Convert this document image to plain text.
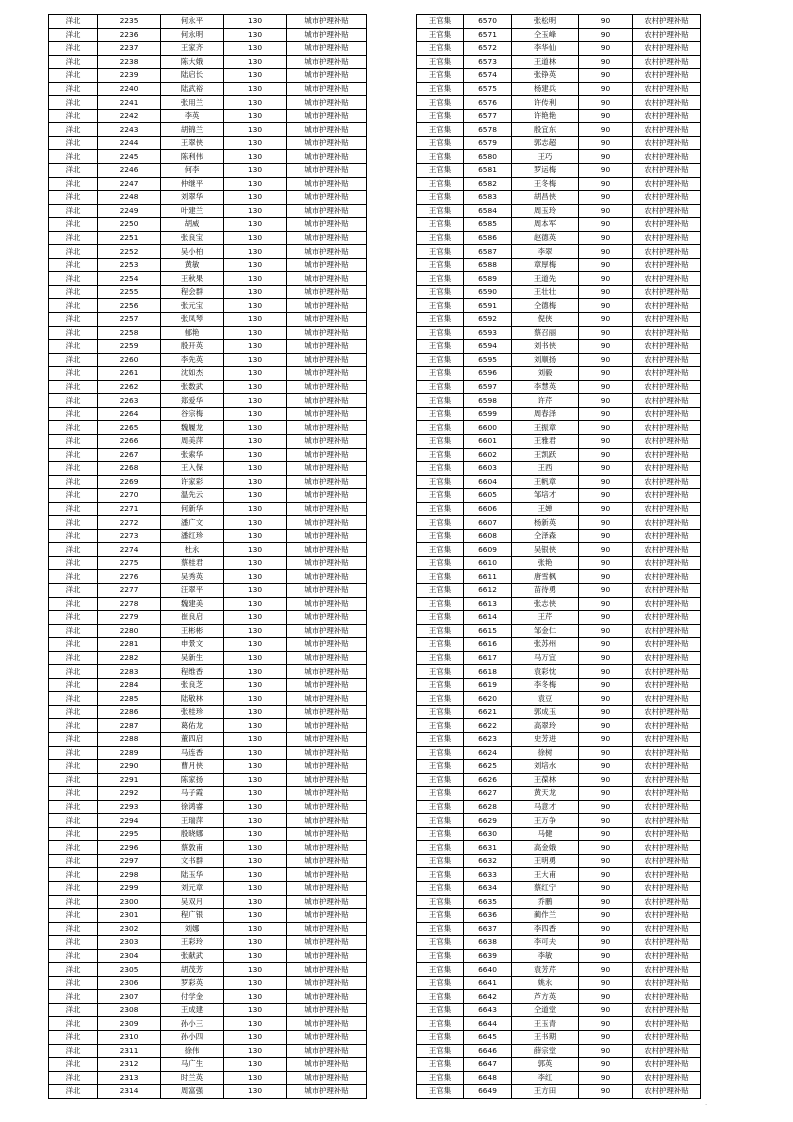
洋北	2235	何永平	130	城市护理补贴
洋北	2236	何永明	130	城市护理补贴
洋北	2237	王家齐	130	城市护理补贴
洋北	2238	陈大娥	130	城市护理补贴
洋北	2239	陆启长	130	城市护理补贴
洋北	2240	陆武裕	130	城市护理补贴
洋北	2241	张用兰	130	城市护理补贴
洋北	2242	李英	130	城市护理补贴
洋北	2243	胡锦兰	130	城市护理补贴
洋北	2244	王翠侠	130	城市护理补贴
洋北	2245	陈利伟	130	城市护理补贴
洋北	2246	何李	130	城市护理补贴
洋北	2247	仲继平	130	城市护理补贴
洋北	2248	刘翠华	130	城市护理补贴
洋北	2249	叶建兰	130	城市护理补贴
洋北	2250	胡威	130	城市护理补贴
洋北	2251	张良宝	130	城市护理补贴
洋北	2252	吴小柏	130	城市护理补贴
洋北	2253	黄敏	130	城市护理补贴
洋北	2254	王秋果	130	城市护理补贴
洋北	2255	程会群	130	城市护理补贴
洋北	2256	张元宝	130	城市护理补贴
洋北	2257	张凤琴	130	城市护理补贴
洋北	2258	郁艳	130	城市护理补贴
洋北	2259	殷开英	130	城市护理补贴
洋北	2260	李先英	130	城市护理补贴
洋北	2261	沈如杰	130	城市护理补贴
洋北	2262	张数武	130	城市护理补贴
洋北	2263	郑爱华	130	城市护理补贴
洋北	2264	谷宗梅	130	城市护理补贴
洋北	2265	魏履龙	130	城市护理补贴
洋北	2266	周美萍	130	城市护理补贴
洋北	2267	张索华	130	城市护理补贴
洋北	2268	王入保	130	城市护理补贴
洋北	2269	许家彩	130	城市护理补贴
洋北	2270	温先云	130	城市护理补贴
洋北	2271	何新华	130	城市护理补贴
洋北	2272	潘广文	130	城市护理补贴
洋北	2273	潘红珍	130	城市护理补贴
洋北	2274	杜永	130	城市护理补贴
洋北	2275	蔡桂君	130	城市护理补贴
洋北	2276	吴秀英	130	城市护理补贴
洋北	2277	汪翠平	130	城市护理补贴
洋北	2278	魏建美	130	城市护理补贴
洋北	2279	崔良启	130	城市护理补贴
洋北	2280	王彬彬	130	城市护理补贴
洋北	2281	申景文	130	城市护理补贴
洋北	2282	吴新生	130	城市护理补贴
洋北	2283	程维香	130	城市护理补贴
洋北	2284	张良芝	130	城市护理补贴
洋北	2285	陆敬林	130	城市护理补贴
洋北	2286	张桂珍	130	城市护理补贴
洋北	2287	葛佑龙	130	城市护理补贴
洋北	2288	董四启	130	城市护理补贴
洋北	2289	马连香	130	城市护理补贴
洋北	2290	曹月侠	130	城市护理补贴
洋北	2291	陈家扬	130	城市护理补贴
洋北	2292	马子霞	130	城市护理补贴
洋北	2293	徐鸿睿	130	城市护理补贴
洋北	2294	王瑞萍	130	城市护理补贴
洋北	2295	殷晓娜	130	城市护理补贴
洋北	2296	蔡敦甫	130	城市护理补贴
洋北	2297	文书群	130	城市护理补贴
洋北	2298	陆玉华	130	城市护理补贴
洋北	2299	刘元章	130	城市护理补贴
洋北	2300	吴双月	130	城市护理补贴
洋北	2301	程广银	130	城市护理补贴
洋北	2302	刘娜	130	城市护理补贴
洋北	2303	王彩玲	130	城市护理补贴
洋北	2304	张献武	130	城市护理补贴
洋北	2305	胡茂芳	130	城市护理补贴
洋北	2306	罗彩英	130	城市护理补贴
洋北	2307	付学金	130	城市护理补贴
洋北	2308	王成建	130	城市护理补贴
洋北	2309	孙小三	130	城市护理补贴
洋北	2310	孙小四	130	城市护理补贴
洋北	2311	徐伟	130	城市护理补贴
洋北	2312	马广生	130	城市护理补贴
洋北	2313	时兰英	130	城市护理补贴
洋北	2314	周富强	130	城市护理补贴
王官集	6570	张松明	90	农村护理补贴
王官集	6571	仝玉峰	90	农村护理补贴
王官集	6572	李华仙	90	农村护理补贴
王官集	6573	王道林	90	农村护理补贴
王官集	6574	张铮英	90	农村护理补贴
王官集	6575	杨建兵	90	农村护理补贴
王官集	6576	许传利	90	农村护理补贴
王官集	6577	许艳艳	90	农村护理补贴
王官集	6578	殷宜东	90	农村护理补贴
王官集	6579	郭志超	90	农村护理补贴
王官集	6580	王巧	90	农村护理补贴
王官集	6581	罗运梅	90	农村护理补贴
王官集	6582	王冬梅	90	农村护理补贴
王官集	6583	胡昌侠	90	农村护理补贴
王官集	6584	周玉玲	90	农村护理补贴
王官集	6585	周本军	90	农村护理补贴
王官集	6586	赵德英	90	农村护理补贴
王官集	6587	李翠	90	农村护理补贴
王官集	6588	章厚梅	90	农村护理补贴
王官集	6589	王道先	90	农村护理补贴
王官集	6590	王壮壮	90	农村护理补贴
王官集	6591	仝德梅	90	农村护理补贴
王官集	6592	倪侠	90	农村护理补贴
王官集	6593	蔡召丽	90	农村护理补贴
王官集	6594	刘书侠	90	农村护理补贴
王官集	6595	刘顺扬	90	农村护理补贴
王官集	6596	刘毅	90	农村护理补贴
王官集	6597	李慧英	90	农村护理补贴
王官集	6598	许芹	90	农村护理补贴
王官集	6599	周春泽	90	农村护理补贴
王官集	6600	王振章	90	农村护理补贴
王官集	6601	王雅君	90	农村护理补贴
王官集	6602	王凯跃	90	农村护理补贴
王官集	6603	王西	90	农村护理补贴
王官集	6604	王帆章	90	农村护理补贴
王官集	6605	邹培才	90	农村护理补贴
王官集	6606	王婵	90	农村护理补贴
王官集	6607	杨新英	90	农村护理补贴
王官集	6608	仝泽森	90	农村护理补贴
王官集	6609	吴银侠	90	农村护理补贴
王官集	6610	张艳	90	农村护理补贴
王官集	6611	唐雪枫	90	农村护理补贴
王官集	6612	苗待勇	90	农村护理补贴
王官集	6613	张志侠	90	农村护理补贴
王官集	6614	王芹	90	农村护理补贴
王官集	6615	邹金仁	90	农村护理补贴
王官集	6616	张苏州	90	农村护理补贴
王官集	6617	马万宜	90	农村护理补贴
王官集	6618	袁彩忱	90	农村护理补贴
王官集	6619	李冬梅	90	农村护理补贴
王官集	6620	袁豆	90	农村护理补贴
王官集	6621	郭成玉	90	农村护理补贴
王官集	6622	高翠玲	90	农村护理补贴
王官集	6623	史芳进	90	农村护理补贴
王官集	6624	徐树	90	农村护理补贴
王官集	6625	刘培水	90	农村护理补贴
王官集	6626	王葆林	90	农村护理补贴
王官集	6627	黄天龙	90	农村护理补贴
王官集	6628	马意才	90	农村护理补贴
王官集	6629	王万争	90	农村护理补贴
王官集	6630	马健	90	农村护理补贴
王官集	6631	高金娥	90	农村护理补贴
王官集	6632	王明勇	90	农村护理补贴
王官集	6633	王大甫	90	农村护理补贴
王官集	6634	蔡红宁	90	农村护理补贴
王官集	6635	乔鹏	90	农村护理补贴
王官集	6636	蔺作兰	90	农村护理补贴
王官集	6637	李四香	90	农村护理补贴
王官集	6638	李可夫	90	农村护理补贴
王官集	6639	李敏	90	农村护理补贴
王官集	6640	袁芳芹	90	农村护理补贴
王官集	6641	姚永	90	农村护理补贴
王官集	6642	芦方英	90	农村护理补贴
王官集	6643	仝道堂	90	农村护理补贴
王官集	6644	王玉青	90	农村护理补贴
王官集	6645	王书期	90	农村护理补贴
王官集	6646	薛宗堂	90	农村护理补贴
王官集	6647	郭英	90	农村护理补贴
王官集	6648	李红	90	农村护理补贴
王官集	6649	王方田	90	农村护理补贴
.
